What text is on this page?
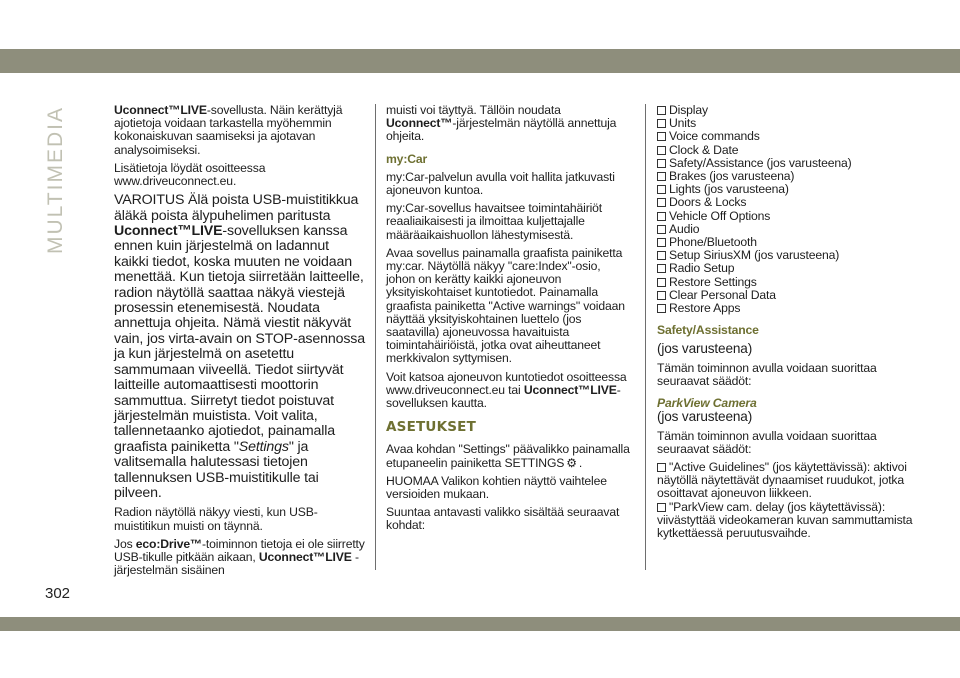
MULTIMEDIA	Uconnect™LIVE-sovellusta. Näin kerättyjä ajotietoja voidaan tarkastella myöhemmin kokonaiskuvan saamiseksi ja ajotavan analysoimiseksi.

Lisätietoja löydät osoitteessa www.driveuconnect.eu.

VAROITUS Älä poista USB-muistitikkua äläkä poista älypuhelimen paritusta Uconnect™LIVE-sovelluksen kanssa ennen kuin järjestelmä on ladannut kaikki tiedot, koska muuten ne voidaan menettää. Kun tietoja siirretään laitteelle, radion näytöllä saattaa näkyä viestejä prosessin etenemisestä. Noudata annettuja ohjeita. Nämä viestit näkyvät vain, jos virta-avain on STOP-asennossa ja kun järjestelmä on asetettu sammumaan viiveellä. Tiedot siirtyvät laitteille automaattisesti moottorin sammuttua. Siirretyt tiedot poistuvat järjestelmän muistista. Voit valita, tallennetaanko ajotiedot, painamalla graafista painiketta "Settings" ja valitsemalla halutessasi tietojen tallennuksen USB-muistitikulle tai pilveen.

Radion näytöllä näkyy viesti, kun USB-muistitikun muisti on täynnä.

Jos eco:Drive™-toiminnon tietoja ei ole siirretty USB-tikulle pitkään aikaan, Uconnect™LIVE -järjestelmän sisäinen

muisti voi täyttyä. Tällöin noudata Uconnect™-järjestelmän näytöllä annettuja ohjeita.

my:Car

my:Car-palvelun avulla voit hallita jatkuvasti ajoneuvon kuntoa.

my:Car-sovellus havaitsee toimintahäiriöt reaaliaikaisesti ja ilmoittaa kuljettajalle määräaikaishuollon lähestymisestä.

Avaa sovellus painamalla graafista painiketta my:car. Näytöllä näkyy "care:Index"-osio, johon on kerätty kaikki ajoneuvon yksityiskohtaiset kuntotiedot. Painamalla graafista painiketta "Active warnings" voidaan näyttää yksityiskohtainen luettelo (jos saatavilla) ajoneuvossa havaituista toimintahäiriöistä, jotka ovat aiheuttaneet merkkivalon syttymisen.

Voit katsoa ajoneuvon kuntotiedot osoitteessa www.driveuconnect.eu tai Uconnect™LIVE-sovelluksen kautta.

ASETUKSET

Avaa kohdan "Settings" päävalikko painamalla etupaneelin painiketta SETTINGS ⚙ .

HUOMAA Valikon kohtien näyttö vaihtelee versioiden mukaan.

Suuntaa antavasti valikko sisältää seuraavat kohdat:

Display
Units
Voice commands
Clock & Date
Safety/Assistance (jos varusteena)
Brakes (jos varusteena)
Lights (jos varusteena)
Doors & Locks
Vehicle Off Options
Audio
Phone/Bluetooth
Setup SiriusXM (jos varusteena)
Radio Setup
Restore Settings
Clear Personal Data
Restore Apps
Safety/Assistance

(jos varusteena)

Tämän toiminnon avulla voidaan suorittaa seuraavat säädöt:

ParkView Camera

(jos varusteena)

Tämän toiminnon avulla voidaan suorittaa seuraavat säädöt:

"Active Guidelines" (jos käytettävissä): aktivoi näytöllä näytettävät dynaamiset ruudukot, jotka osoittavat ajoneuvon liikkeen.

"ParkView cam. delay (jos käytettävissä): viivästyttää videokameran kuvan sammuttamista kytkettäessä peruutusvaihde.

302
